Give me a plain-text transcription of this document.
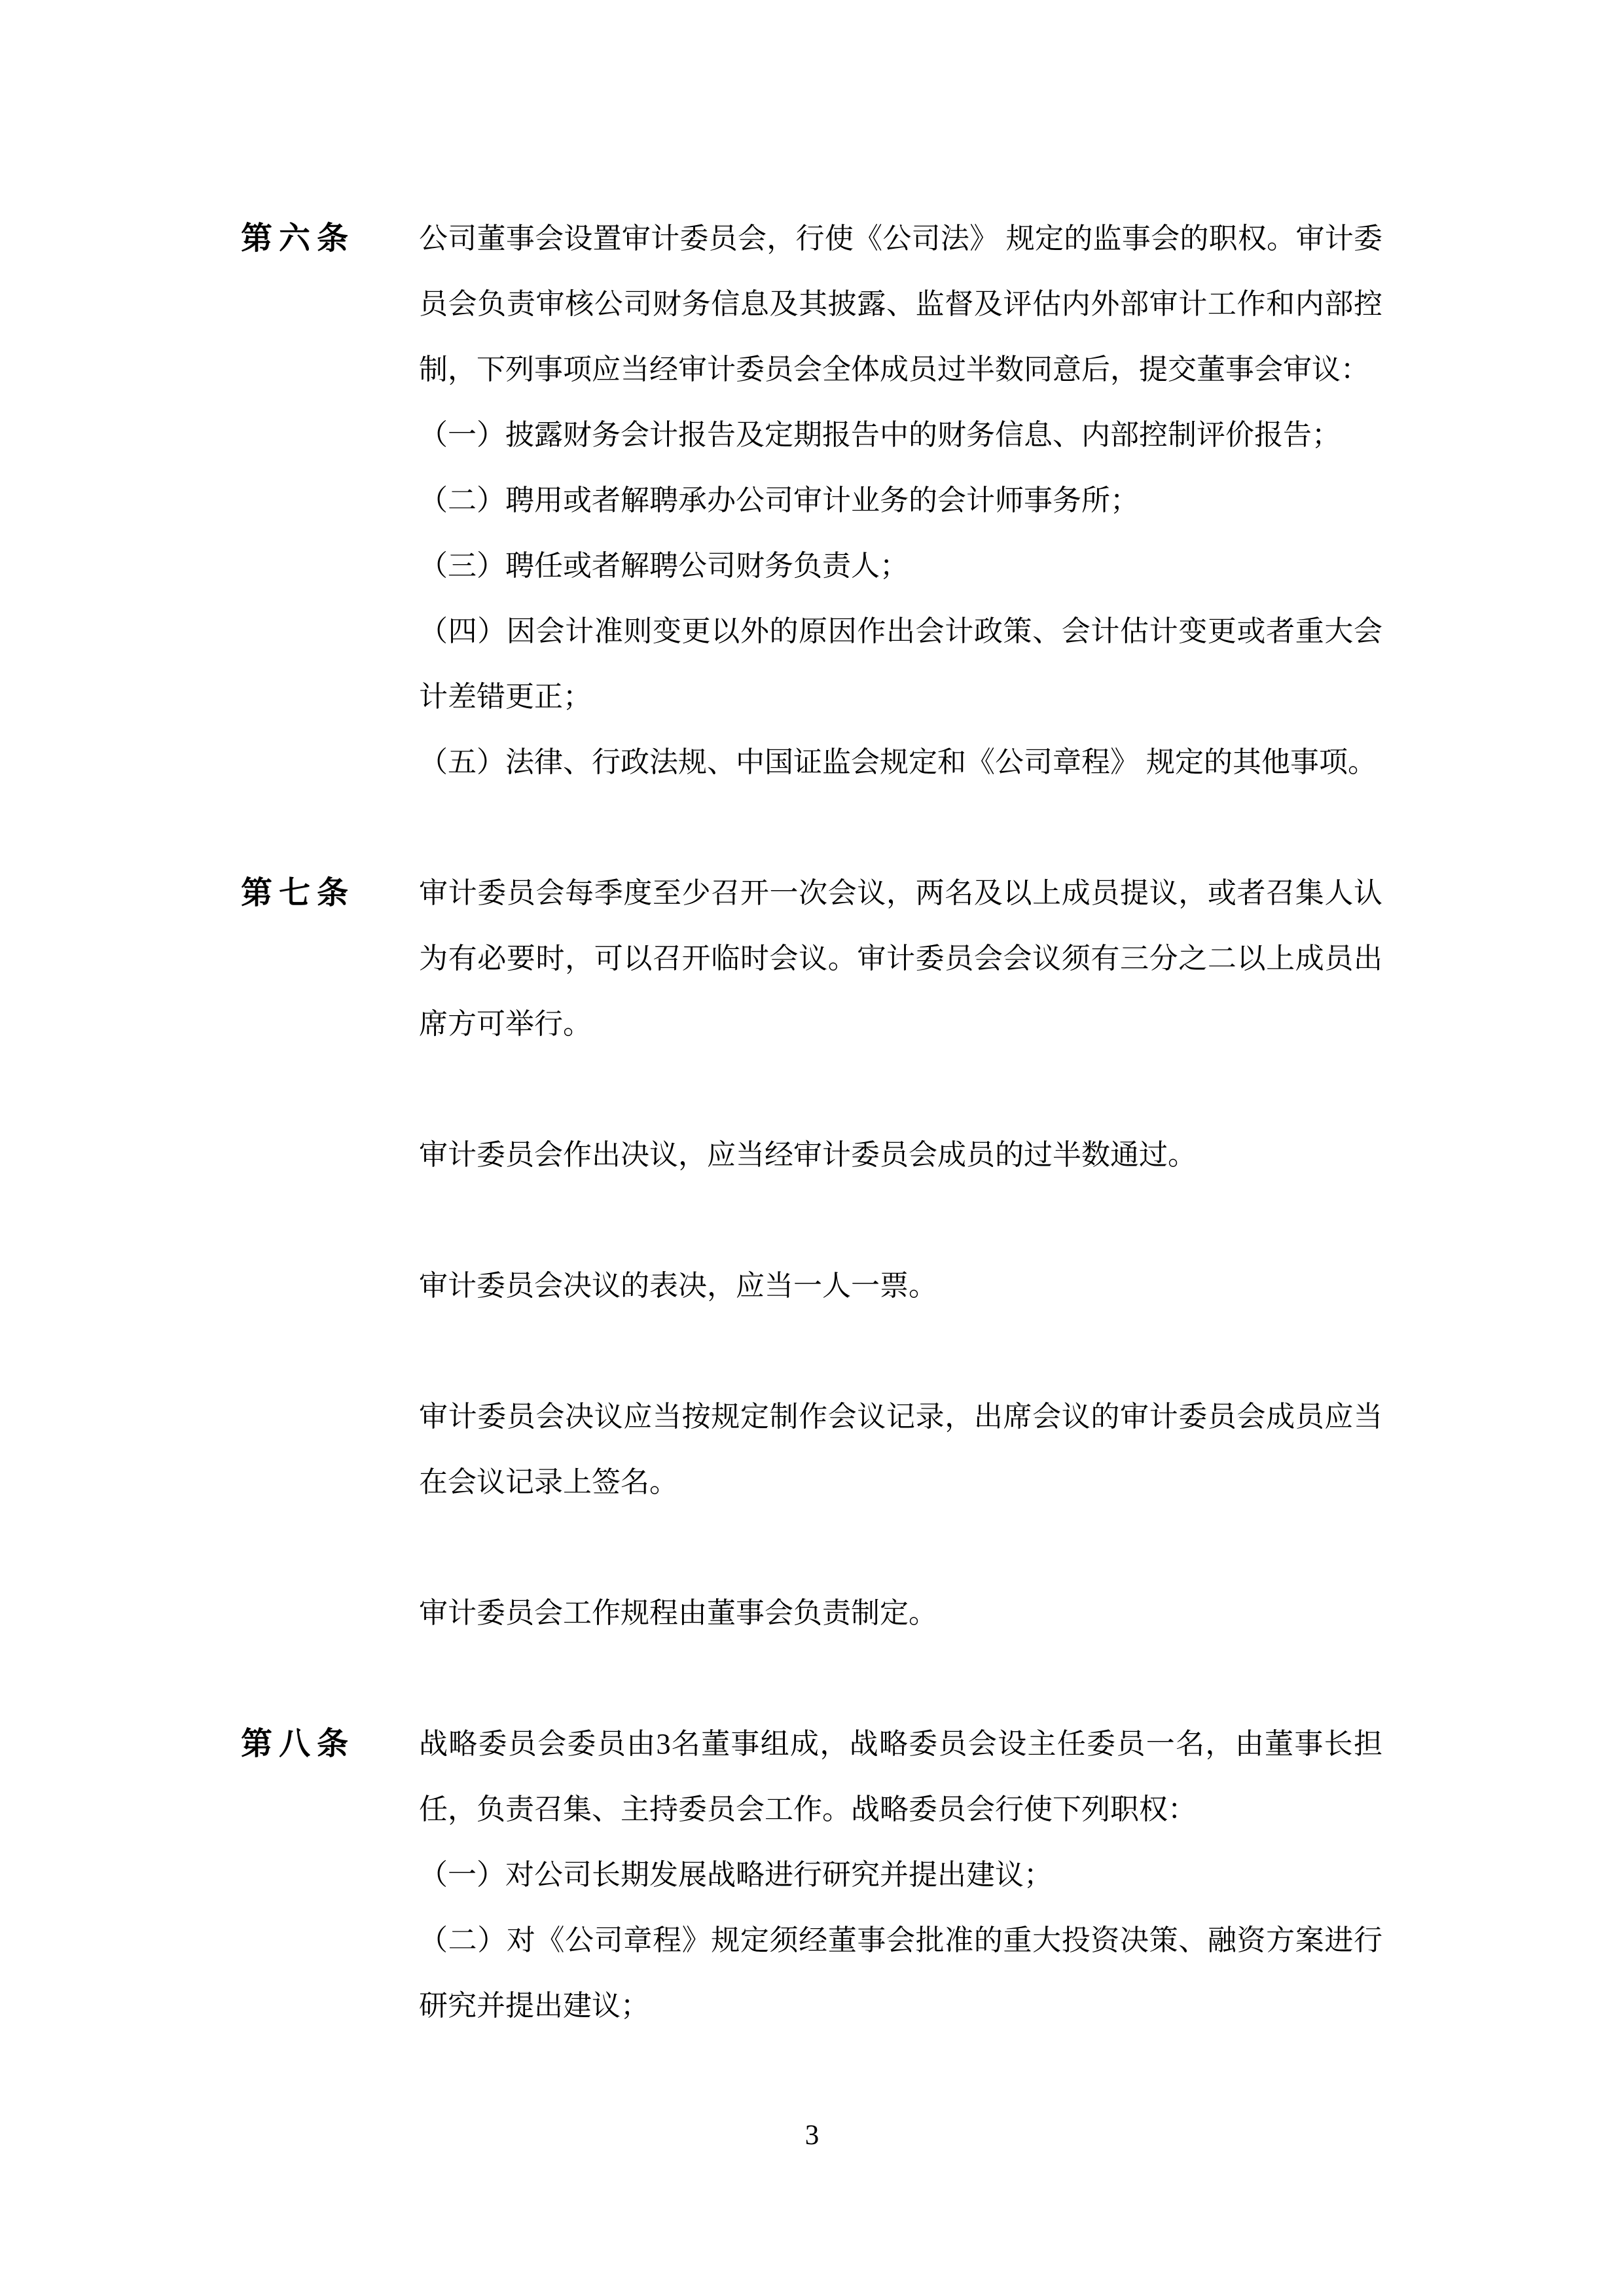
第六条	公司董事会设置审计委员会，行使《公司法》 规定的监事会的职权。审计委员会负责审核公司财务信息及其披露、监督及评估内外部审计工作和内部控制，下列事项应当经审计委员会全体成员过半数同意后，提交董事会审议：

（一）披露财务会计报告及定期报告中的财务信息、内部控制评价报告；

（二）聘用或者解聘承办公司审计业务的会计师事务所；

（三）聘任或者解聘公司财务负责人；

（四）因会计准则变更以外的原因作出会计政策、会计估计变更或者重大会计差错更正；

（五）法律、行政法规、中国证监会规定和《公司章程》 规定的其他事项。

第七条	审计委员会每季度至少召开一次会议，两名及以上成员提议，或者召集人认为有必要时，可以召开临时会议。审计委员会会议须有三分之二以上成员出席方可举行。

审计委员会作出决议，应当经审计委员会成员的过半数通过。

审计委员会决议的表决，应当一人一票。

审计委员会决议应当按规定制作会议记录，出席会议的审计委员会成员应当在会议记录上签名。

审计委员会工作规程由董事会负责制定。

第八条	战略委员会委员由3名董事组成，战略委员会设主任委员一名，由董事长担任，负责召集、主持委员会工作。战略委员会行使下列职权：

（一）对公司长期发展战略进行研究并提出建议；

（二）对《公司章程》规定须经董事会批准的重大投资决策、融资方案进行研究并提出建议；

3
